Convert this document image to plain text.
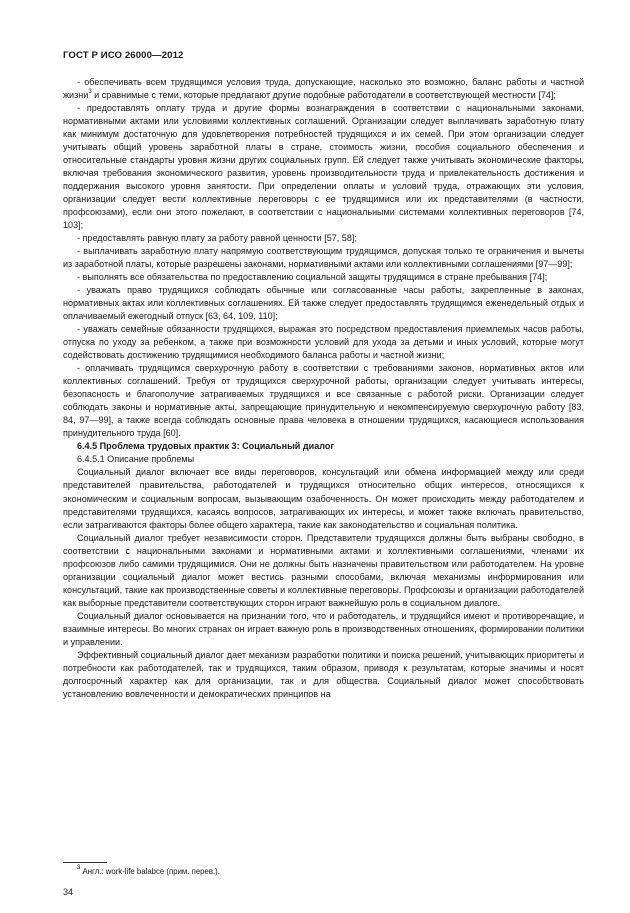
ГОСТ Р ИСО 26000—2012

- обеспечивать всем трудящимся условия труда, допускающие, насколько это возможно, баланс работы и частной жизни$^3$ и сравнимые с теми, которые предлагают другие подобные работодатели в соответствующей местности [74];

- предоставлять оплату труда и другие формы вознаграждения в соответствии с национальными законами, нормативными актами или условиями коллективных соглашений. Организации следует выплачивать заработную плату как минимум достаточную для удовлетворения потребностей трудящихся и их семей. При этом организации следует учитывать общий уровень заработной платы в стране, стоимость жизни, пособия социального обеспечения и относительные стандарты уровня жизни других социальных групп. Ей следует также учитывать экономические факторы, включая требования экономического развития, уровень производительности труда и привлекательность достижения и поддержания высокого уровня занятости. При определении оплаты и условий труда, отражающих эти условия, организации следует вести коллективные переговоры с ее трудящимися или их представителями (в частности, профсоюзами), если они этого пожелают, в соответствии с национальными системами коллективных переговоров [74, 103];

- предоставлять равную плату за работу равной ценности [57, 58];

- выплачивать заработную плату напрямую соответствующим трудящимся, допуская только те ограничения и вычеты из заработной платы, которые разрешены законами, нормативными актами или коллективными соглашениями [97—99];

- выполнять все обязательства по предоставлению социальной защиты трудящимся в стране пребывания [74];

- уважать право трудящихся соблюдать обычные или согласованные часы работы, закрепленные в законах, нормативных актах или коллективных соглашениях. Ей также следует предоставлять трудящимся еженедельный отдых и оплачиваемый ежегодный отпуск [63, 64, 109, 110];

- уважать семейные обязанности трудящихся, выражая это посредством предоставления приемлемых часов работы, отпуска по уходу за ребенком, а также при возможности условий для ухода за детьми и иных условий, которые могут содействовать достижению трудящимися необходимого баланса работы и частной жизни;

- оплачивать трудящимся сверхурочную работу в соответствии с требованиями законов, нормативных актов или коллективных соглашений. Требуя от трудящихся сверхурочной работы, организации следует учитывать интересы, безопасность и благополучие затрагиваемых трудящихся и все связанные с работой риски. Организации следует соблюдать законы и нормативные акты, запрещающие принудительную и некомпенсируемую сверхурочную работу [83, 84, 97—99], а также всегда соблюдать основные права человека в отношении трудящихся, касающиеся использования принудительного труда [60].

6.4.5 Проблема трудовых практик 3: Социальный диалог

6.4.5.1 Описание проблемы

Социальный диалог включает все виды переговоров, консультаций или обмена информацией между или среди представителей правительства, работодателей и трудящихся относительно общих интересов, относящихся к экономическим и социальным вопросам, вызывающим озабоченность. Он может происходить между работодателем и представителями трудящихся, касаясь вопросов, затрагивающих их интересы, и может также включать правительство, если затрагиваются факторы более общего характера, такие как законодательство и социальная политика.

Социальный диалог требует независимости сторон. Представители трудящихся должны быть выбраны свободно, в соответствии с национальными законами и нормативными актами и коллективными соглашениями, членами их профсоюзов либо самими трудящимися. Они не должны быть назначены правительством или работодателем. На уровне организации социальный диалог может вестись разными способами, включая механизмы информирования или консультаций, такие как производственные советы и коллективные переговоры. Профсоюзы и организации работодателей как выборные представители соответствующих сторон играют важнейшую роль в социальном диалоге.

Социальный диалог основывается на признании того, что и работодатель, и трудящийся имеют и противоречащие, и взаимные интересы. Во многих странах он играет важную роль в производственных отношениях, формировании политики и управлении.

Эффективный социальный диалог дает механизм разработки политики и поиска решений, учитывающих приоритеты и потребности как работодателей, так и трудящихся, таким образом, приводя к результатам, которые значимы и носят долгосрочный характер как для организации, так и для общества. Социальный диалог может способствовать установлению вовлеченности и демократических принципов на

$^3$ Англ.: work-life balabce (прим. перев.).
34
